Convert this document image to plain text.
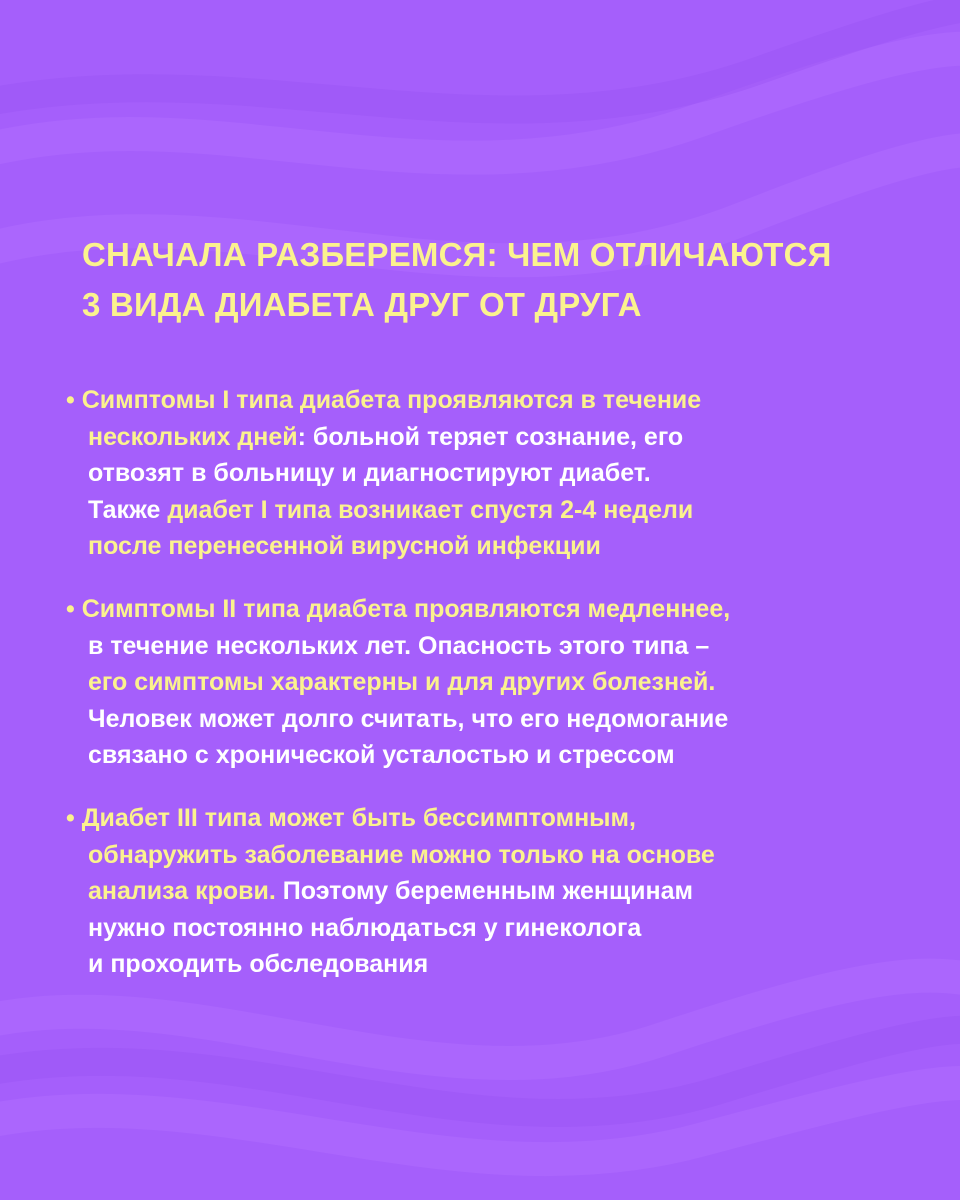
СНАЧАЛА РАЗБЕРЕМСЯ: ЧЕМ ОТЛИЧАЮТСЯ
3 ВИДА ДИАБЕТА ДРУГ ОТ ДРУГА
• Симптомы I типа диабета проявляются в течение
нескольких дней: больной теряет сознание, его
отвозят в больницу и диагностируют диабет.
Также диабет I типа возникает спустя 2-4 недели
после перенесенной вирусной инфекции
• Симптомы II типа диабета проявляются медленнее,
в течение нескольких лет. Опасность этого типа –
его симптомы характерны и для других болезней.
Человек может долго считать, что его недомогание
связано с хронической усталостью и стрессом
• Диабет III типа может быть бессимптомным,
обнаружить заболевание можно только на основе
анализа крови. Поэтому беременным женщинам
нужно постоянно наблюдаться у гинеколога
и проходить обследования
